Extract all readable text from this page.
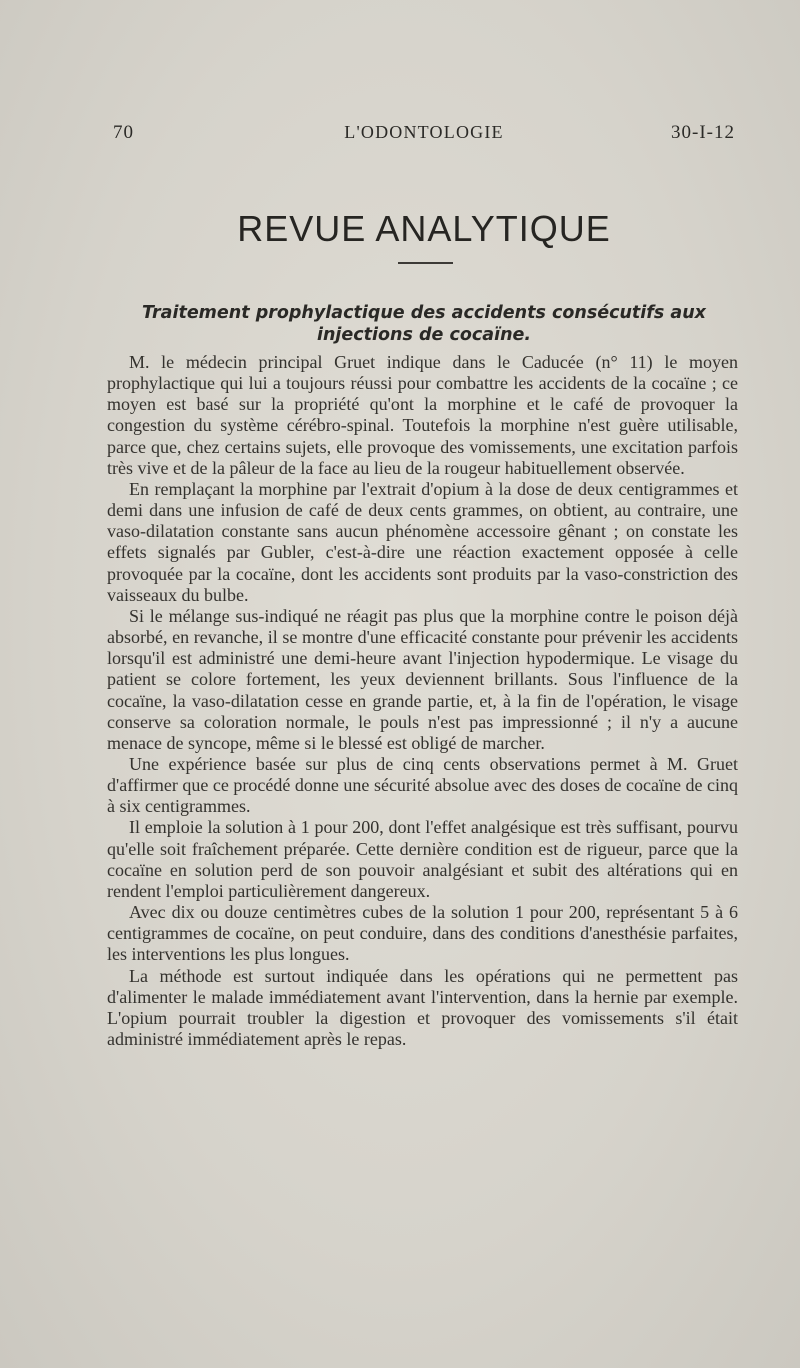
70	L'ODONTOLOGIE	30-I-12
REVUE ANALYTIQUE
Traitement prophylactique des accidents consécutifs aux injections de cocaïne.

M. le médecin principal Gruet indique dans le Caducée (n° 11) le moyen prophylactique qui lui a toujours réussi pour combattre les accidents de la cocaïne ; ce moyen est basé sur la propriété qu'ont la morphine et le café de provoquer la congestion du système cérébro-spinal. Toutefois la morphine n'est guère utilisable, parce que, chez certains sujets, elle provoque des vomissements, une excitation parfois très vive et de la pâleur de la face au lieu de la rougeur habituellement observée.

En remplaçant la morphine par l'extrait d'opium à la dose de deux centigrammes et demi dans une infusion de café de deux cents grammes, on obtient, au contraire, une vaso-dilatation constante sans aucun phénomène accessoire gênant ; on constate les effets signalés par Gubler, c'est-à-dire une réaction exactement opposée à celle provoquée par la cocaïne, dont les accidents sont produits par la vaso-constriction des vaisseaux du bulbe.

Si le mélange sus-indiqué ne réagit pas plus que la morphine contre le poison déjà absorbé, en revanche, il se montre d'une efficacité constante pour prévenir les accidents lorsqu'il est administré une demi-heure avant l'injection hypodermique. Le visage du patient se colore fortement, les yeux deviennent brillants. Sous l'influence de la cocaïne, la vaso-dilatation cesse en grande partie, et, à la fin de l'opération, le visage conserve sa coloration normale, le pouls n'est pas impressionné ; il n'y a aucune menace de syncope, même si le blessé est obligé de marcher.

Une expérience basée sur plus de cinq cents observations permet à M. Gruet d'affirmer que ce procédé donne une sécurité absolue avec des doses de cocaïne de cinq à six centigrammes.

Il emploie la solution à 1 pour 200, dont l'effet analgésique est très suffisant, pourvu qu'elle soit fraîchement préparée. Cette dernière condition est de rigueur, parce que la cocaïne en solution perd de son pouvoir analgésiant et subit des altérations qui en rendent l'emploi particulièrement dangereux.

Avec dix ou douze centimètres cubes de la solution 1 pour 200, représentant 5 à 6 centigrammes de cocaïne, on peut conduire, dans des conditions d'anesthésie parfaites, les interventions les plus longues.

La méthode est surtout indiquée dans les opérations qui ne permettent pas d'alimenter le malade immédiatement avant l'intervention, dans la hernie par exemple. L'opium pourrait troubler la digestion et provoquer des vomissements s'il était administré immédiatement après le repas.
